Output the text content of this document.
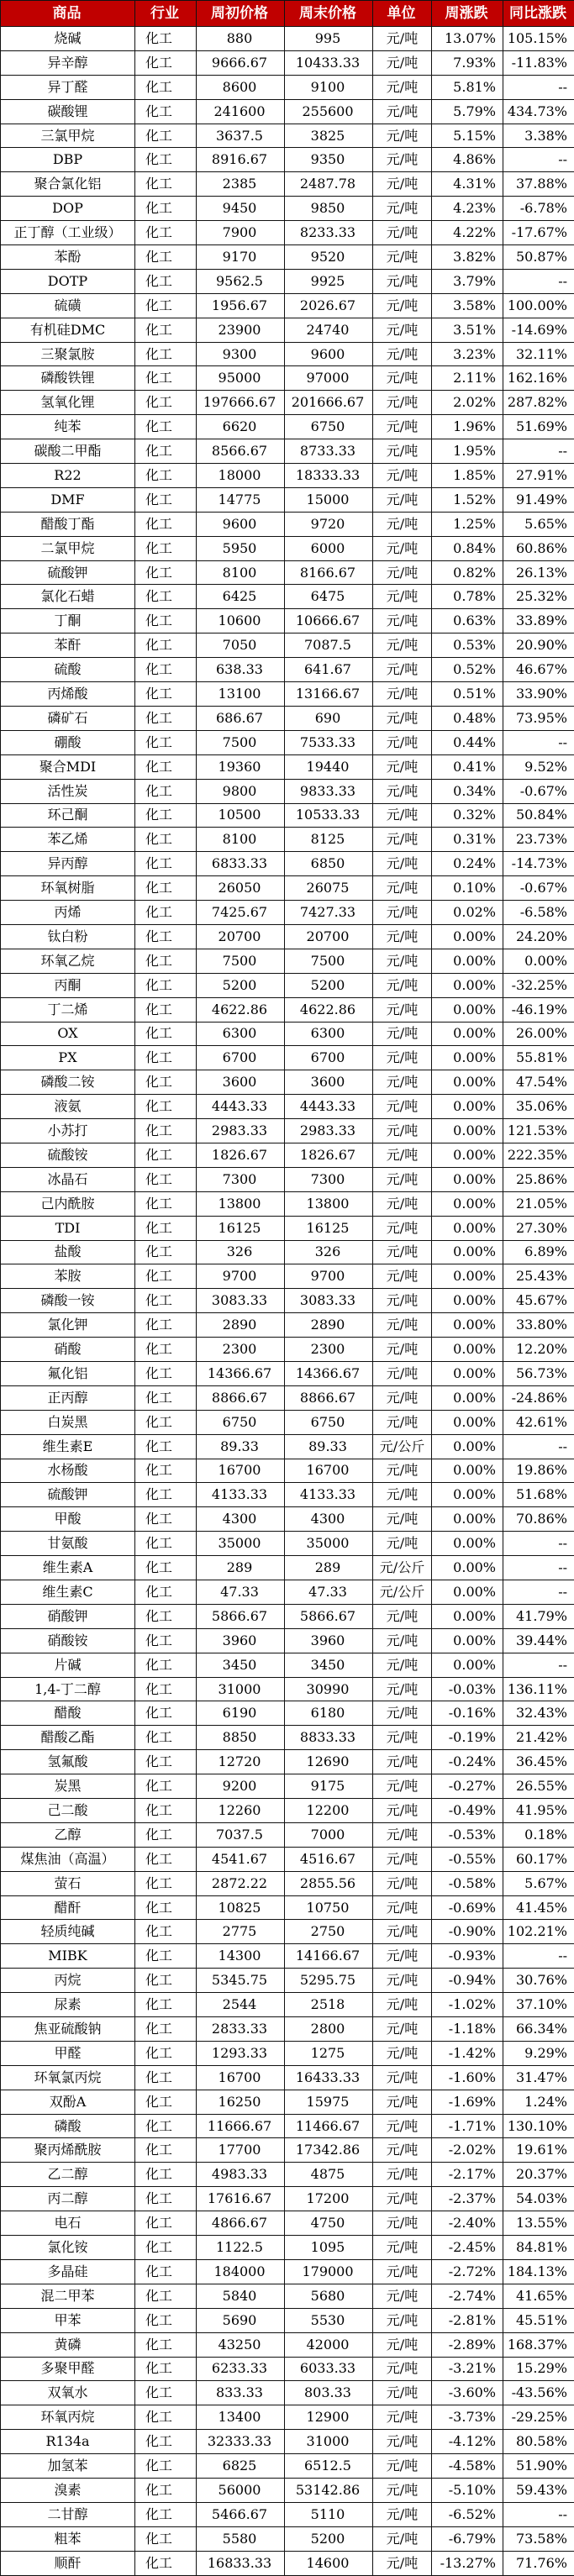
商品	行业	周初价格	周末价格	单位	周涨跌	同比涨跌
烧碱	化工	880	995	元/吨	13.07%	105.15%
异辛醇	化工	9666.67	10433.33	元/吨	7.93%	-11.83%
异丁醛	化工	8600	9100	元/吨	5.81%	--
碳酸锂	化工	241600	255600	元/吨	5.79%	434.73%
三氯甲烷	化工	3637.5	3825	元/吨	5.15%	3.38%
DBP	化工	8916.67	9350	元/吨	4.86%	--
聚合氯化铝	化工	2385	2487.78	元/吨	4.31%	37.88%
DOP	化工	9450	9850	元/吨	4.23%	-6.78%
正丁醇（工业级）	化工	7900	8233.33	元/吨	4.22%	-17.67%
苯酚	化工	9170	9520	元/吨	3.82%	50.87%
DOTP	化工	9562.5	9925	元/吨	3.79%	--
硫磺	化工	1956.67	2026.67	元/吨	3.58%	100.00%
有机硅DMC	化工	23900	24740	元/吨	3.51%	-14.69%
三聚氯胺	化工	9300	9600	元/吨	3.23%	32.11%
磷酸铁锂	化工	95000	97000	元/吨	2.11%	162.16%
氢氧化锂	化工	197666.67	201666.67	元/吨	2.02%	287.82%
纯苯	化工	6620	6750	元/吨	1.96%	51.69%
碳酸二甲酯	化工	8566.67	8733.33	元/吨	1.95%	--
R22	化工	18000	18333.33	元/吨	1.85%	27.91%
DMF	化工	14775	15000	元/吨	1.52%	91.49%
醋酸丁酯	化工	9600	9720	元/吨	1.25%	5.65%
二氯甲烷	化工	5950	6000	元/吨	0.84%	60.86%
硫酸钾	化工	8100	8166.67	元/吨	0.82%	26.13%
氯化石蜡	化工	6425	6475	元/吨	0.78%	25.32%
丁酮	化工	10600	10666.67	元/吨	0.63%	33.89%
苯酐	化工	7050	7087.5	元/吨	0.53%	20.90%
硫酸	化工	638.33	641.67	元/吨	0.52%	46.67%
丙烯酸	化工	13100	13166.67	元/吨	0.51%	33.90%
磷矿石	化工	686.67	690	元/吨	0.48%	73.95%
硼酸	化工	7500	7533.33	元/吨	0.44%	--
聚合MDI	化工	19360	19440	元/吨	0.41%	9.52%
活性炭	化工	9800	9833.33	元/吨	0.34%	-0.67%
环己酮	化工	10500	10533.33	元/吨	0.32%	50.84%
苯乙烯	化工	8100	8125	元/吨	0.31%	23.73%
异丙醇	化工	6833.33	6850	元/吨	0.24%	-14.73%
环氧树脂	化工	26050	26075	元/吨	0.10%	-0.67%
丙烯	化工	7425.67	7427.33	元/吨	0.02%	-6.58%
钛白粉	化工	20700	20700	元/吨	0.00%	24.20%
环氧乙烷	化工	7500	7500	元/吨	0.00%	0.00%
丙酮	化工	5200	5200	元/吨	0.00%	-32.25%
丁二烯	化工	4622.86	4622.86	元/吨	0.00%	-46.19%
OX	化工	6300	6300	元/吨	0.00%	26.00%
PX	化工	6700	6700	元/吨	0.00%	55.81%
磷酸二铵	化工	3600	3600	元/吨	0.00%	47.54%
液氨	化工	4443.33	4443.33	元/吨	0.00%	35.06%
小苏打	化工	2983.33	2983.33	元/吨	0.00%	121.53%
硫酸铵	化工	1826.67	1826.67	元/吨	0.00%	222.35%
冰晶石	化工	7300	7300	元/吨	0.00%	25.86%
己内酰胺	化工	13800	13800	元/吨	0.00%	21.05%
TDI	化工	16125	16125	元/吨	0.00%	27.30%
盐酸	化工	326	326	元/吨	0.00%	6.89%
苯胺	化工	9700	9700	元/吨	0.00%	25.43%
磷酸一铵	化工	3083.33	3083.33	元/吨	0.00%	45.67%
氯化钾	化工	2890	2890	元/吨	0.00%	33.80%
硝酸	化工	2300	2300	元/吨	0.00%	12.20%
氟化铝	化工	14366.67	14366.67	元/吨	0.00%	56.73%
正丙醇	化工	8866.67	8866.67	元/吨	0.00%	-24.86%
白炭黑	化工	6750	6750	元/吨	0.00%	42.61%
维生素E	化工	89.33	89.33	元/公斤	0.00%	--
水杨酸	化工	16700	16700	元/吨	0.00%	19.86%
硫酸钾	化工	4133.33	4133.33	元/吨	0.00%	51.68%
甲酸	化工	4300	4300	元/吨	0.00%	70.86%
甘氨酸	化工	35000	35000	元/吨	0.00%	--
维生素A	化工	289	289	元/公斤	0.00%	--
维生素C	化工	47.33	47.33	元/公斤	0.00%	--
硝酸钾	化工	5866.67	5866.67	元/吨	0.00%	41.79%
硝酸铵	化工	3960	3960	元/吨	0.00%	39.44%
片碱	化工	3450	3450	元/吨	0.00%	--
1,4-丁二醇	化工	31000	30990	元/吨	-0.03%	136.11%
醋酸	化工	6190	6180	元/吨	-0.16%	32.43%
醋酸乙酯	化工	8850	8833.33	元/吨	-0.19%	21.42%
氢氟酸	化工	12720	12690	元/吨	-0.24%	36.45%
炭黑	化工	9200	9175	元/吨	-0.27%	26.55%
己二酸	化工	12260	12200	元/吨	-0.49%	41.95%
乙醇	化工	7037.5	7000	元/吨	-0.53%	0.18%
煤焦油（高温）	化工	4541.67	4516.67	元/吨	-0.55%	60.17%
萤石	化工	2872.22	2855.56	元/吨	-0.58%	5.67%
醋酐	化工	10825	10750	元/吨	-0.69%	41.45%
轻质纯碱	化工	2775	2750	元/吨	-0.90%	102.21%
MIBK	化工	14300	14166.67	元/吨	-0.93%	--
丙烷	化工	5345.75	5295.75	元/吨	-0.94%	30.76%
尿素	化工	2544	2518	元/吨	-1.02%	37.10%
焦亚硫酸钠	化工	2833.33	2800	元/吨	-1.18%	66.34%
甲醛	化工	1293.33	1275	元/吨	-1.42%	9.29%
环氧氯丙烷	化工	16700	16433.33	元/吨	-1.60%	31.47%
双酚A	化工	16250	15975	元/吨	-1.69%	1.24%
磷酸	化工	11666.67	11466.67	元/吨	-1.71%	130.10%
聚丙烯酰胺	化工	17700	17342.86	元/吨	-2.02%	19.61%
乙二醇	化工	4983.33	4875	元/吨	-2.17%	20.37%
丙二醇	化工	17616.67	17200	元/吨	-2.37%	54.03%
电石	化工	4866.67	4750	元/吨	-2.40%	13.55%
氯化铵	化工	1122.5	1095	元/吨	-2.45%	84.81%
多晶硅	化工	184000	179000	元/吨	-2.72%	184.13%
混二甲苯	化工	5840	5680	元/吨	-2.74%	41.65%
甲苯	化工	5690	5530	元/吨	-2.81%	45.51%
黄磷	化工	43250	42000	元/吨	-2.89%	168.37%
多聚甲醛	化工	6233.33	6033.33	元/吨	-3.21%	15.29%
双氧水	化工	833.33	803.33	元/吨	-3.60%	-43.56%
环氧丙烷	化工	13400	12900	元/吨	-3.73%	-29.25%
R134a	化工	32333.33	31000	元/吨	-4.12%	80.58%
加氢苯	化工	6825	6512.5	元/吨	-4.58%	51.90%
溴素	化工	56000	53142.86	元/吨	-5.10%	59.43%
二甘醇	化工	5466.67	5110	元/吨	-6.52%	--
粗苯	化工	5580	5200	元/吨	-6.79%	73.58%
顺酐	化工	16833.33	14600	元/吨	-13.27%	71.76%
